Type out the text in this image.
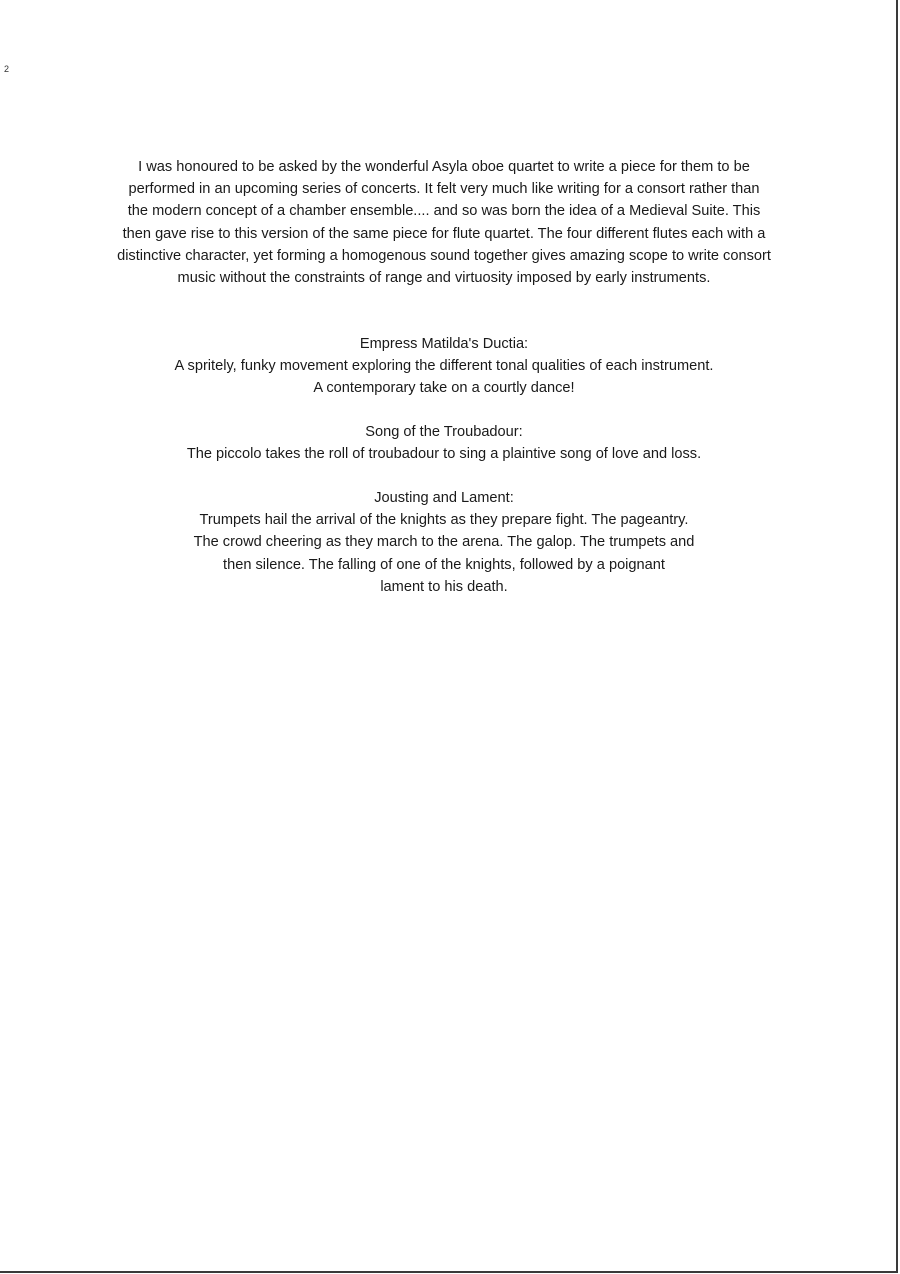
2
I was honoured to be asked by the wonderful Asyla oboe quartet to write a piece for them to be
performed in an upcoming series of concerts. It felt very much like writing for a consort rather than
the modern concept of a chamber ensemble.... and so was born the idea of a Medieval Suite. This
then gave rise to this version of the same piece for flute quartet. The four different flutes each with a
distinctive character, yet forming a homogenous sound together gives amazing scope to write consort
music without the constraints of range and virtuosity imposed by early instruments.
Empress Matilda's Ductia:
A spritely, funky movement exploring the different tonal qualities of each instrument.
A contemporary take on a courtly dance!
Song of the Troubadour:
The piccolo takes the roll of troubadour to sing a plaintive song of love and loss.
Jousting and Lament:
Trumpets hail the arrival of the knights as they prepare fight. The pageantry.
The crowd cheering as they march to the arena. The galop. The trumpets and
then silence. The falling of one of the knights, followed by a poignant
lament to his death.
